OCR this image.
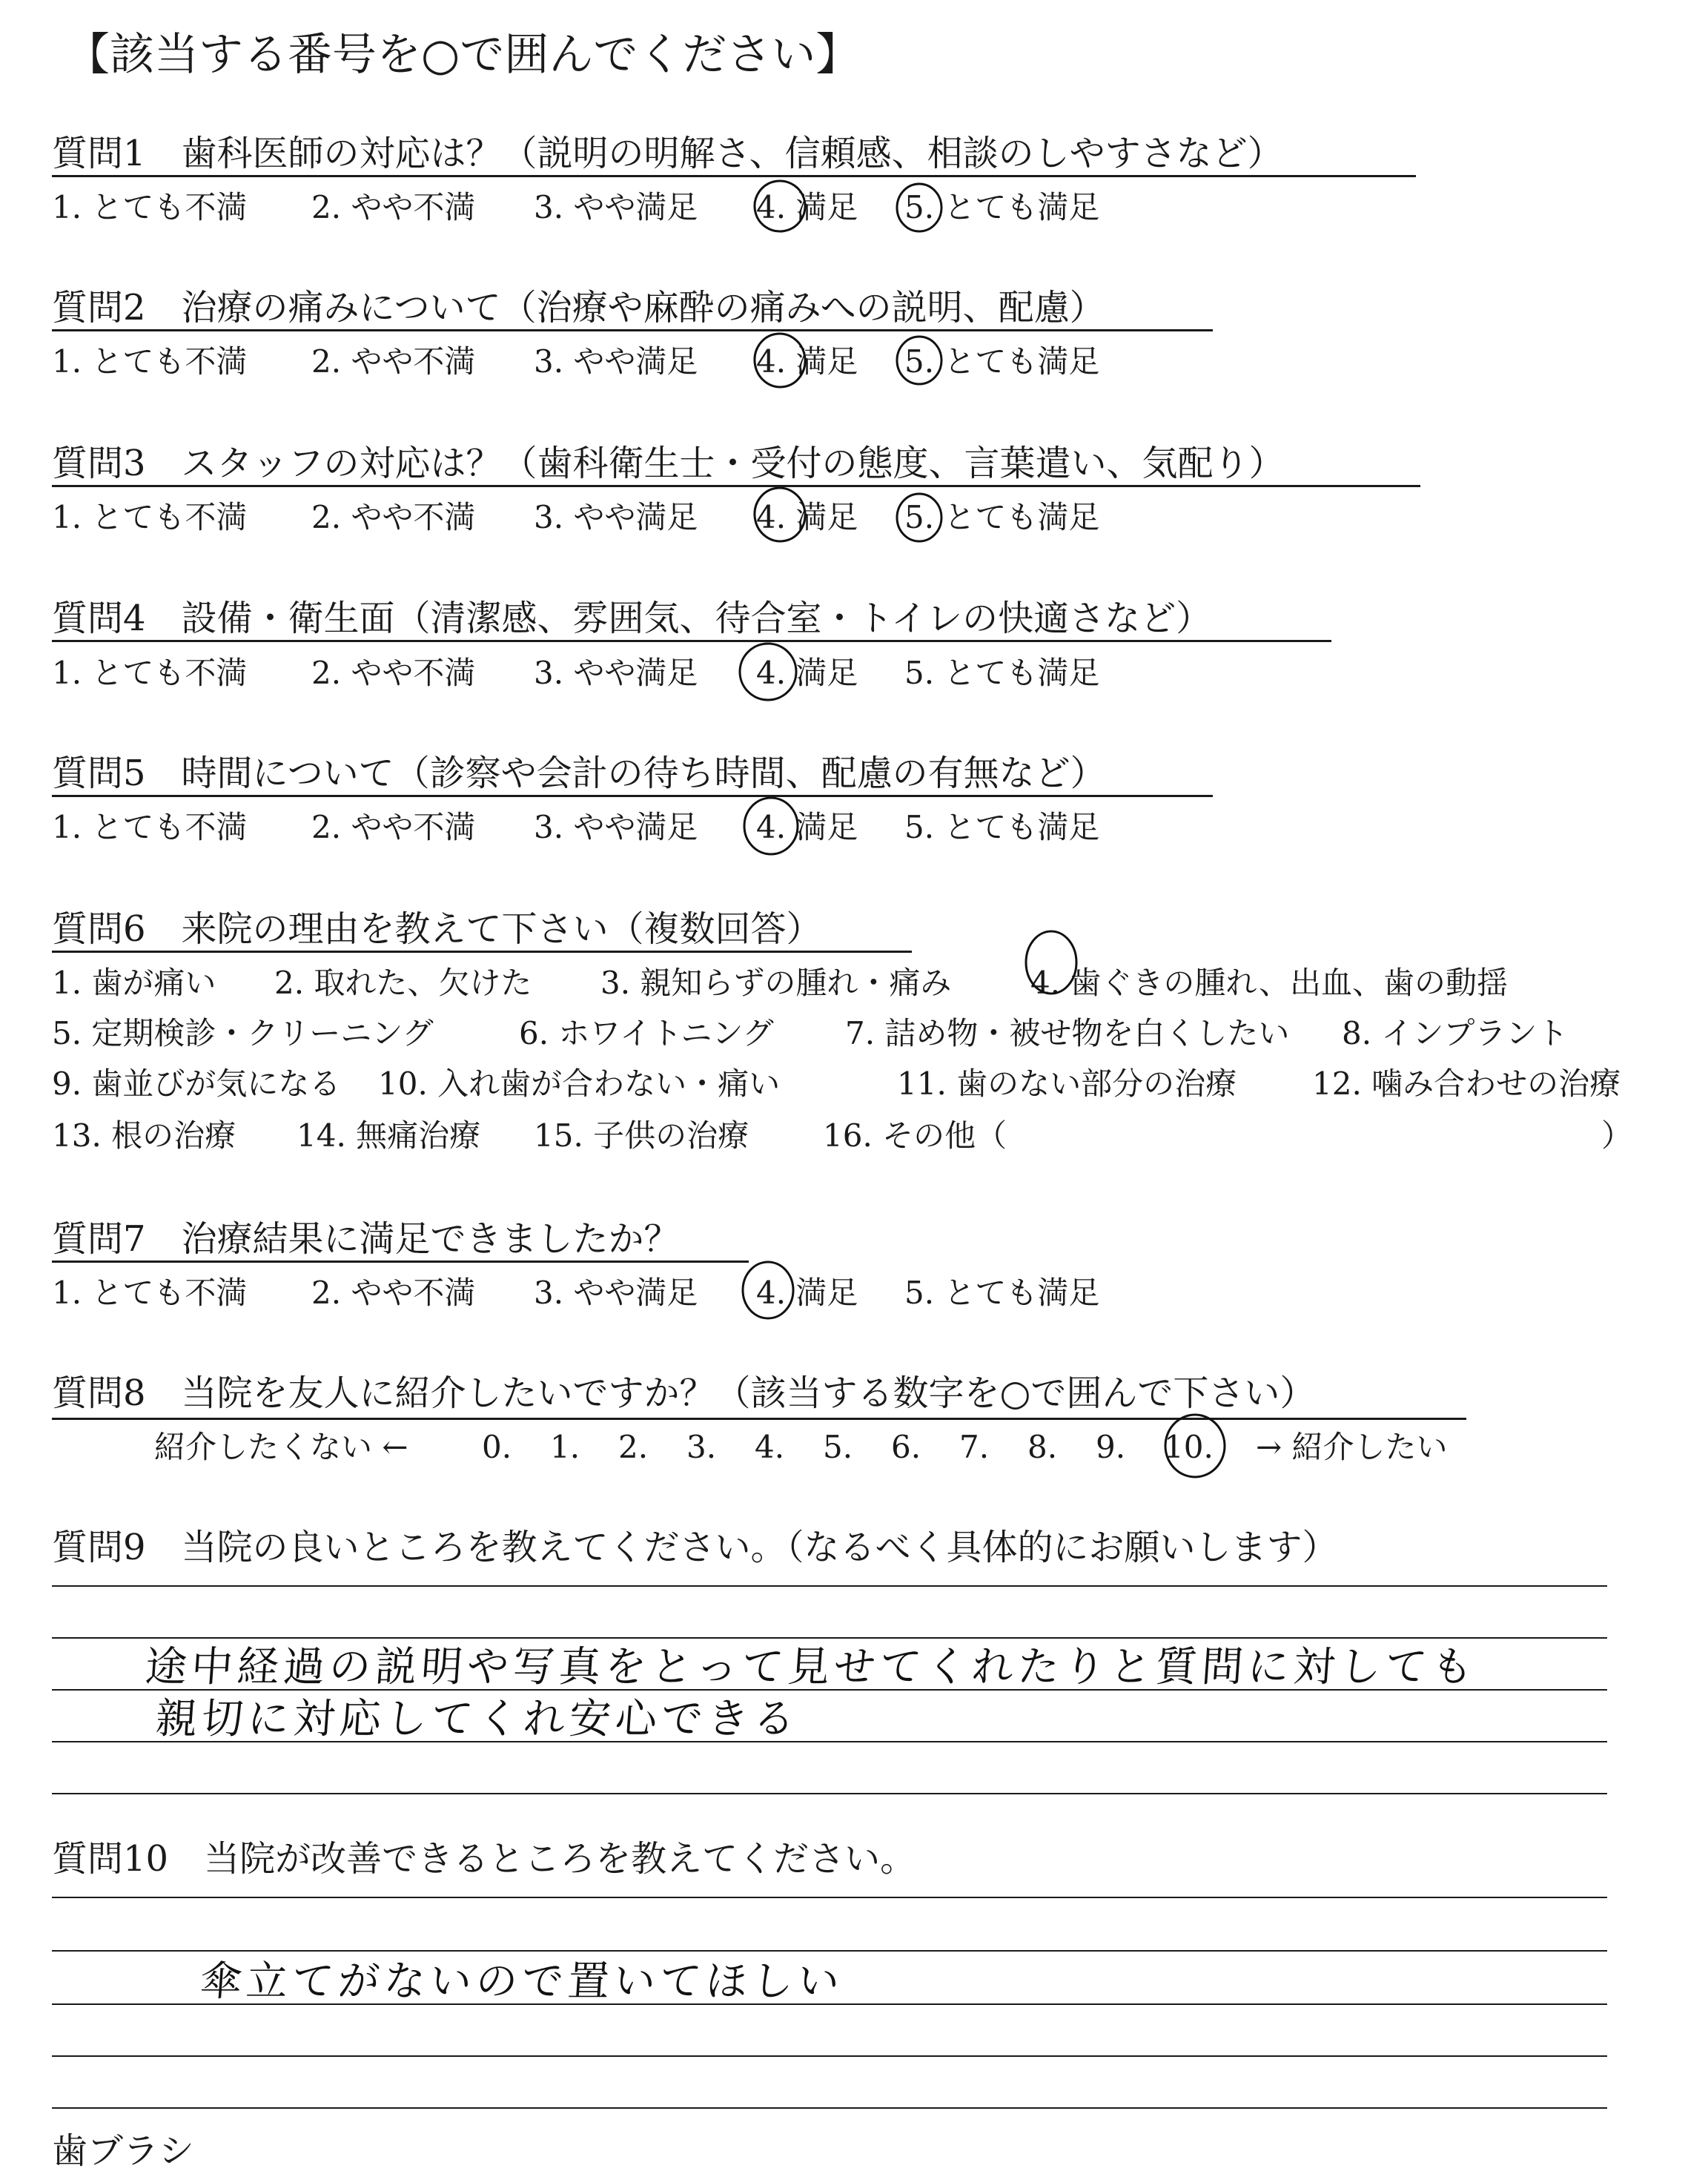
【該当する番号を○で囲んでください】
質問1　歯科医師の対応は？（説明の明解さ、信頼感、相談のしやすさなど）
1. とても不満 2. やや不満 3. やや満足 4. 満足 5. とても満足
質問2　治療の痛みについて（治療や麻酔の痛みへの説明、配慮）
1. とても不満 2. やや不満 3. やや満足 4. 満足 5. とても満足
質問3　スタッフの対応は？（歯科衛生士・受付の態度、言葉遣い、気配り）
1. とても不満 2. やや不満 3. やや満足 4. 満足 5. とても満足
質問4　設備・衛生面（清潔感、雰囲気、待合室・トイレの快適さなど）
1. とても不満 2. やや不満 3. やや満足 4. 満足 5. とても満足
質問5　時間について（診察や会計の待ち時間、配慮の有無など）
1. とても不満 2. やや不満 3. やや満足 4. 満足 5. とても満足
質問6　来院の理由を教えて下さい（複数回答）
1. 歯が痛い 2. 取れた、欠けた 3. 親知らずの腫れ・痛み	4. 歯ぐきの腫れ、出血、歯の動揺
5. 定期検診・クリーニング	6. ホワイトニング 7. 詰め物・被せ物を白くしたい 8. インプラント
9. 歯並びが気になる 10. 入れ歯が合わない・痛い	11. 歯のない部分の治療 12. 噛み合わせの治療
13. 根の治療 14. 無痛治療 15. 子供の治療 16. その他（	）
質問7　治療結果に満足できましたか？
1. とても不満 2. やや不満 3. やや満足 4. 満足 5. とても満足
質問8　当院を友人に紹介したいですか？（該当する数字を○で囲んで下さい）
紹介したくない ← 0. 1. 2. 3. 4. 5. 6. 7. 8. 9. 10. → 紹介したい
質問9　当院の良いところを教えてください。（なるべく具体的にお願いします）
途中経過の説明や写真をとって見せてくれたりと質問に対しても
親切に対応してくれ安心できる
質問10　当院が改善できるところを教えてください。
傘立てがないので置いてほしい
歯ブラシ
